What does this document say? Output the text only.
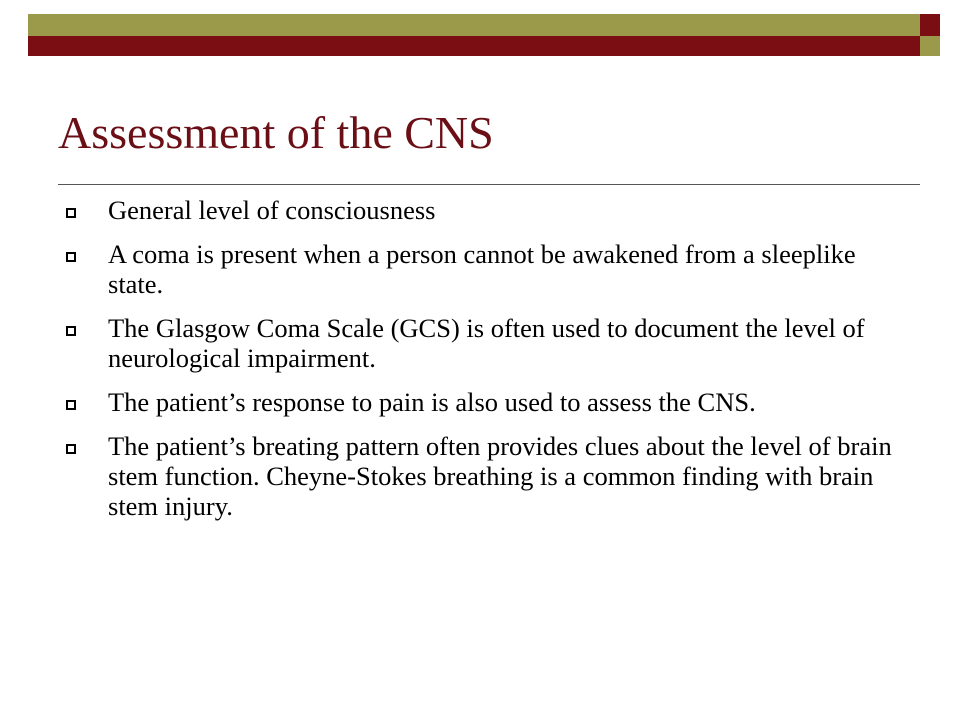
Assessment of the CNS
General level of consciousness
A coma is present when a person cannot be awakened from a sleeplike state.
The Glasgow Coma Scale (GCS) is often used to document the level of neurological impairment.
The patient’s response to pain is also used to assess the CNS.
The patient’s breating pattern often provides clues about the level of brain stem function. Cheyne-Stokes breathing is a common finding with brain stem injury.
